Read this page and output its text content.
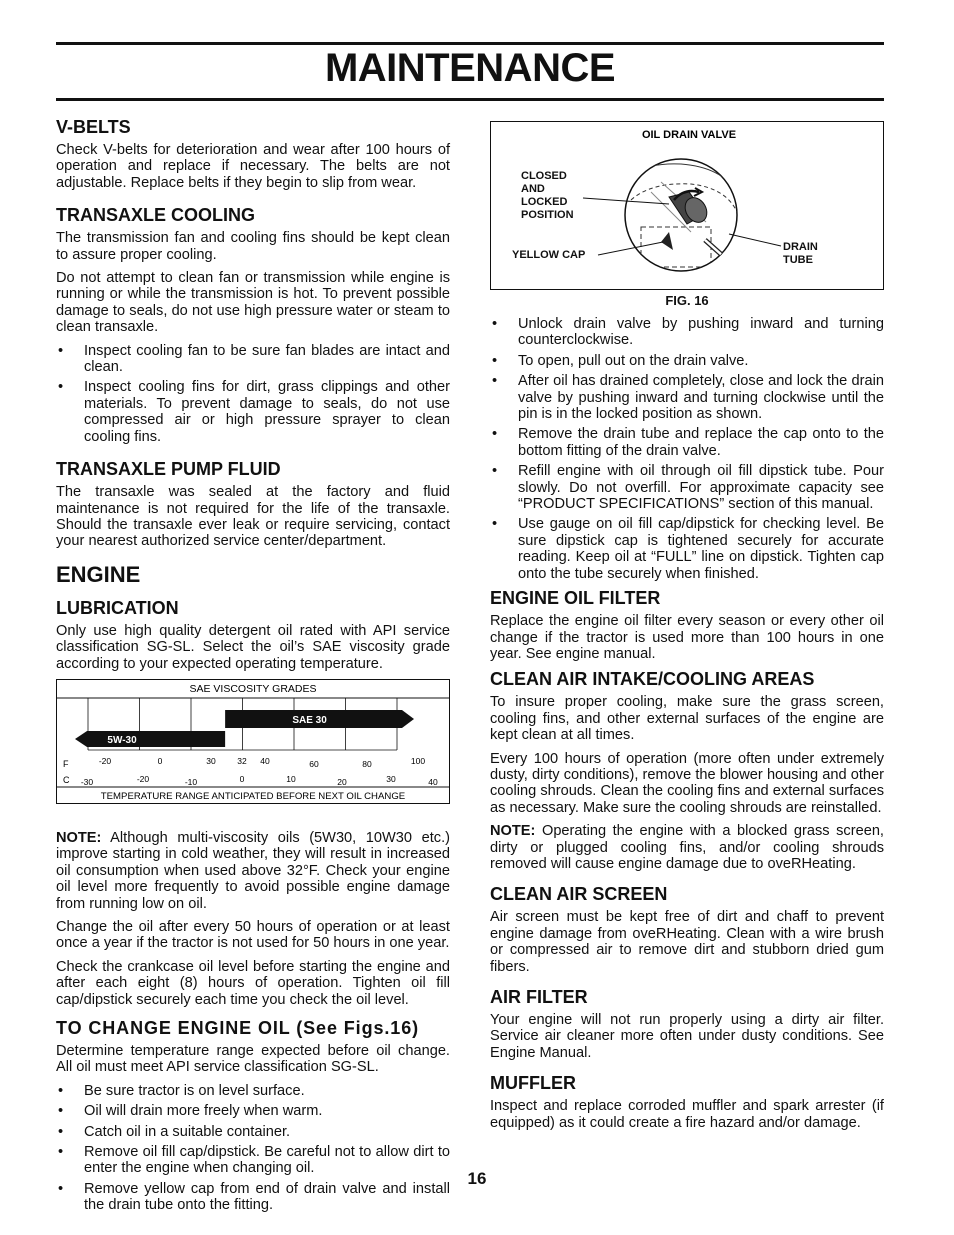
MAINTENANCE
V-BELTS

Check V-belts for deterioration and wear after 100 hours of operation and replace if necessary. The belts are not adjustable. Replace belts if they begin to slip from wear.

TRANSAXLE COOLING

The transmission fan and cooling fins should be kept clean to assure proper cooling.

Do not attempt to clean fan or transmission while engine is running or while the transmission is hot. To prevent possible damage to seals, do not use high pressure water or steam to clean transaxle.

• Inspect cooling fan to be sure fan blades are intact and clean.
• Inspect cooling fins for dirt, grass clippings and other materials. To prevent damage to seals, do not use compressed air or high pressure sprayer to clean cooling fins.
TRANSAXLE PUMP FLUID

The transaxle was sealed at the factory and fluid maintenance is not required for the life of the transaxle. Should the transaxle ever leak or require servicing, contact your nearest authorized service center/department.

ENGINE
LUBRICATION

Only use high quality detergent oil rated with API service classification SG-SL. Select the oil’s SAE viscosity grade according to your expected operating temperature.

SAE VISCOSITY GRADES
5W-30
SAE 30
F	-20	0	30	32 40	60	80	100
C -30	-20	-10	0	10	20	30	40
TEMPERATURE RANGE ANTICIPATED BEFORE NEXT OIL CHANGE

NOTE: Although multi-viscosity oils (5W30, 10W30 etc.) improve starting in cold weather, they will result in increased oil consumption when used above 32°F. Check your engine oil level more frequently to avoid possible engine damage from running low on oil.

Change the oil after every 50 hours of operation or at least once a year if the tractor is not used for 50 hours in one year.

Check the crankcase oil level before starting the engine and after each eight (8) hours of operation. Tighten oil fill cap/dipstick securely each time you check the oil level.

TO CHANGE ENGINE OIL (See Figs.16)

Determine temperature range expected before oil change. All oil must meet API service classification SG-SL.

• Be sure tractor is on level surface.
• Oil will drain more freely when warm.
• Catch oil in a suitable container.
• Remove oil fill cap/dipstick. Be careful not to allow dirt to enter the engine when changing oil.
• Remove yellow cap from end of drain valve and install the drain tube onto the fitting.
OIL DRAIN VALVE
CLOSED
AND
LOCKED
POSITION
YELLOW CAP
DRAIN
TUBE
FIG. 16
• Unlock drain valve by pushing inward and turning counterclockwise.
• To open, pull out on the drain valve.
• After oil has drained completely, close and lock the drain valve by pushing inward and turning clockwise until the pin is in the locked position as shown.
• Remove the drain tube and replace the cap onto to the bottom fitting of the drain valve.
• Refill engine with oil through oil fill dipstick tube. Pour slowly. Do not overfill. For approximate capacity see “PRODUCT SPECIFICATIONS” section of this manual.
• Use gauge on oil fill cap/dipstick for checking level. Be sure dipstick cap is tightened securely for accurate reading. Keep oil at “FULL” line on dipstick. Tighten cap onto the tube securely when finished.
ENGINE OIL FILTER

Replace the engine oil filter every season or every other oil change if the tractor is used more than 100 hours in one year. See engine manual.

CLEAN AIR INTAKE/COOLING AREAS

To insure proper cooling, make sure the grass screen, cooling fins, and other external surfaces of the engine are kept clean at all times.

Every 100 hours of operation (more often under extremely dusty, dirty conditions), remove the blower housing and other cooling shrouds. Clean the cooling fins and external surfaces as necessary. Make sure the cooling shrouds are reinstalled.

NOTE: Operating the engine with a blocked grass screen, dirty or plugged cooling fins, and/or cooling shrouds removed will cause engine damage due to oveRHeating.

CLEAN AIR SCREEN

Air screen must be kept free of dirt and chaff to prevent engine damage from oveRHeating. Clean with a wire brush or compressed air to remove dirt and stubborn dried gum fibers.

AIR FILTER

Your engine will not run properly using a dirty air filter. Service air cleaner more often under dusty conditions. See Engine Manual.

MUFFLER

Inspect and replace corroded muffler and spark arrester (if equipped) as it could create a fire hazard and/or damage.

16
